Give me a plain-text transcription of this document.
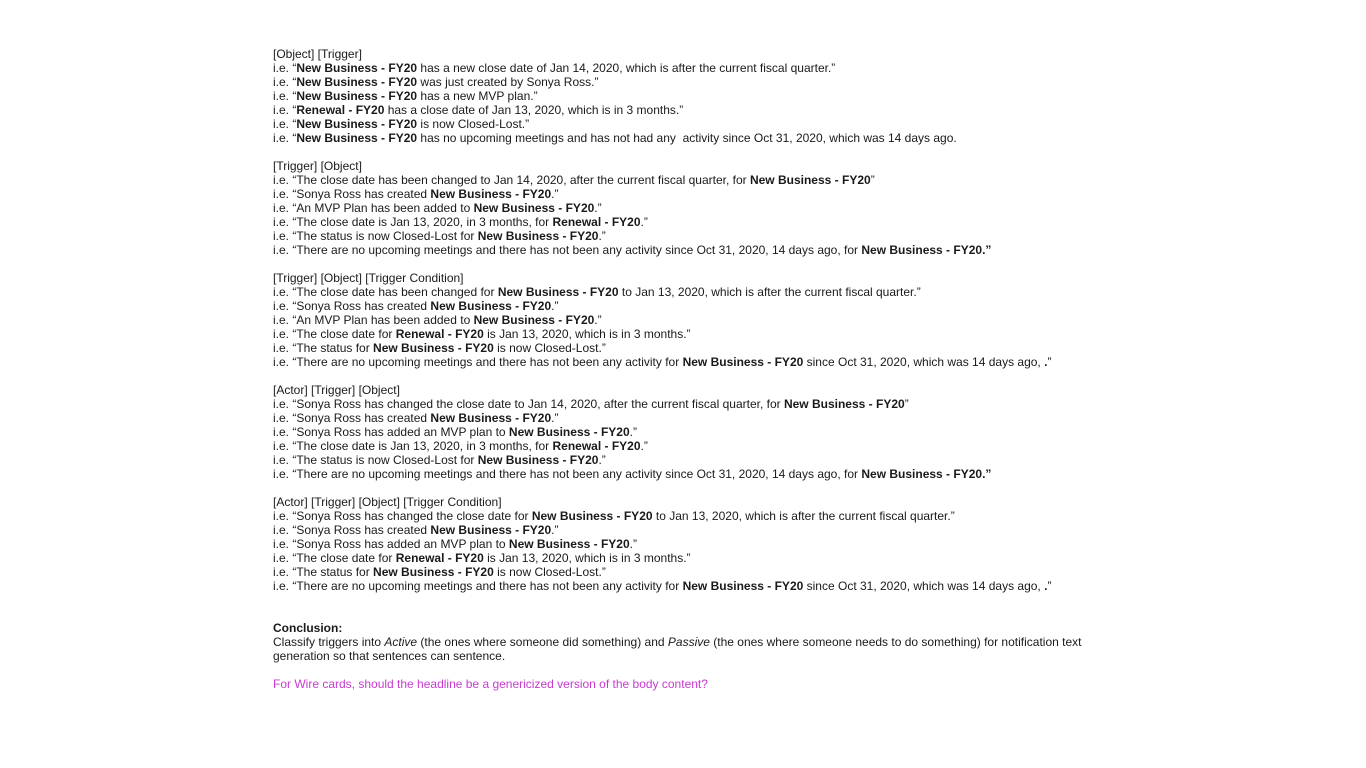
[Object] [Trigger]
i.e. “New Business - FY20 has a new close date of Jan 14, 2020, which is after the current fiscal quarter.”
i.e. “New Business - FY20 was just created by Sonya Ross.”
i.e. “New Business - FY20 has a new MVP plan.”
i.e. “Renewal - FY20 has a close date of Jan 13, 2020, which is in 3 months.”
i.e. “New Business - FY20 is now Closed-Lost.”
i.e. “New Business - FY20 has no upcoming meetings and has not had any  activity since Oct 31, 2020, which was 14 days ago.
[Trigger] [Object]
i.e. “The close date has been changed to Jan 14, 2020, after the current fiscal quarter, for New Business - FY20”
i.e. “Sonya Ross has created New Business - FY20.”
i.e. “An MVP Plan has been added to New Business - FY20.”
i.e. “The close date is Jan 13, 2020, in 3 months, for Renewal - FY20.”
i.e. “The status is now Closed-Lost for New Business - FY20.”
i.e. “There are no upcoming meetings and there has not been any activity since Oct 31, 2020, 14 days ago, for New Business - FY20.”
[Trigger] [Object] [Trigger Condition]
i.e. “The close date has been changed for New Business - FY20 to Jan 13, 2020, which is after the current fiscal quarter.”
i.e. “Sonya Ross has created New Business - FY20.”
i.e. “An MVP Plan has been added to New Business - FY20.”
i.e. “The close date for Renewal - FY20 is Jan 13, 2020, which is in 3 months.”
i.e. “The status for New Business - FY20 is now Closed-Lost.”
i.e. “There are no upcoming meetings and there has not been any activity for New Business - FY20 since Oct 31, 2020, which was 14 days ago, .”
[Actor] [Trigger] [Object]
i.e. “Sonya Ross has changed the close date to Jan 14, 2020, after the current fiscal quarter, for New Business - FY20”
i.e. “Sonya Ross has created New Business - FY20.”
i.e. “Sonya Ross has added an MVP plan to New Business - FY20.”
i.e. “The close date is Jan 13, 2020, in 3 months, for Renewal - FY20.”
i.e. “The status is now Closed-Lost for New Business - FY20.”
i.e. “There are no upcoming meetings and there has not been any activity since Oct 31, 2020, 14 days ago, for New Business - FY20.”
[Actor] [Trigger] [Object] [Trigger Condition]
i.e. “Sonya Ross has changed the close date for New Business - FY20 to Jan 13, 2020, which is after the current fiscal quarter.”
i.e. “Sonya Ross has created New Business - FY20.”
i.e. “Sonya Ross has added an MVP plan to New Business - FY20.”
i.e. “The close date for Renewal - FY20 is Jan 13, 2020, which is in 3 months.”
i.e. “The status for New Business - FY20 is now Closed-Lost.”
i.e. “There are no upcoming meetings and there has not been any activity for New Business - FY20 since Oct 31, 2020, which was 14 days ago, .”
Conclusion:
Classify triggers into Active (the ones where someone did something) and Passive (the ones where someone needs to do something) for notification text generation so that sentences can sentence.
For Wire cards, should the headline be a genericized version of the body content?
